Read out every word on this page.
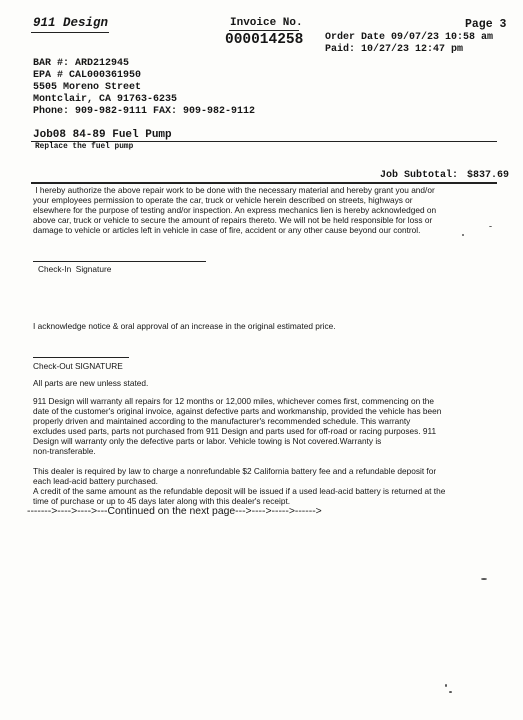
911 Design	Invoice No.
000014258
Page 3
Order Date 09/07/23 10:58 am
Paid: 10/27/23 12:47 pm
BAR #: ARD212945
EPA # CAL000361950
5505 Moreno Street
Montclair, CA 91763-6235
Phone: 909-982-9111 FAX: 909-982-9112
Job08 84-89 Fuel Pump
Replace the fuel pump
Job Subtotal: $837.69
I hereby authorize the above repair work to be done with the necessary material and hereby grant you and/or
your employees permission to operate the car, truck or vehicle herein described on streets, highways or
elsewhere for the purpose of testing and/or inspection. An express mechanics lien is hereby acknowledged on
above car, truck or vehicle to secure the amount of repairs thereto. We will not be held responsible for loss or
damage to vehicle or articles left in vehicle in case of fire, accident or any other cause beyond our control.
Check-In  Signature
I acknowledge notice & oral approval of an increase in the original estimated price.
Check-Out SIGNATURE
All parts are new unless stated.
911 Design will warranty all repairs for 12 months or 12,000 miles, whichever comes first, commencing on the
date of the customer's original invoice, against defective parts and workmanship, provided the vehicle has been
properly driven and maintained according to the manufacturer's recommended schedule. This warranty
excludes used parts, parts not purchased from 911 Design and parts used for off-road or racing purposes. 911
Design will warranty only the defective parts or labor. Vehicle towing is Not covered.Warranty is
non-transferable.
This dealer is required by law to charge a nonrefundable $2 California battery fee and a refundable deposit for
each lead-acid battery purchased.
A credit of the same amount as the refundable deposit will be issued if a used lead-acid battery is returned at the
time of purchase or up to 45 days later along with this dealer's receipt.
------->---->---->---Continued on the next page--->---->----->------>
